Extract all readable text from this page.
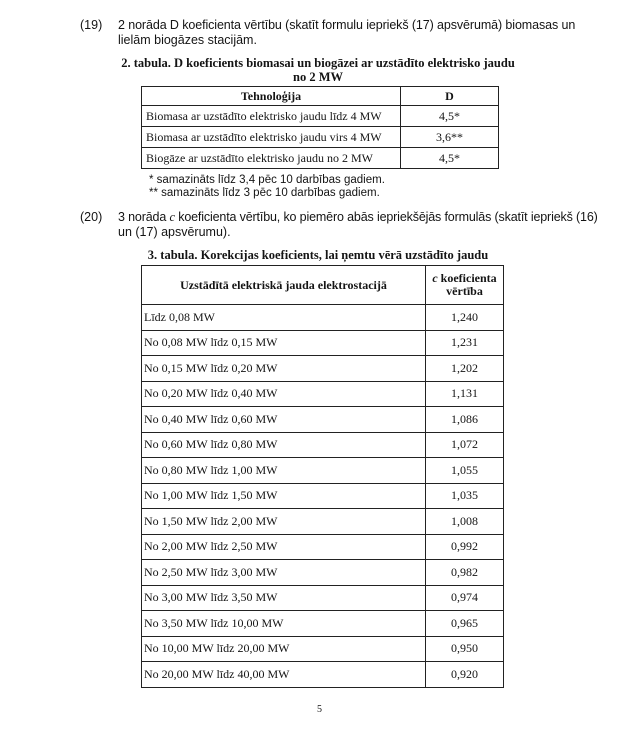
(19) 2 norāda D koeficienta vērtību (skatīt formulu iepriekš (17) apsvērumā) biomasas un
lielām biogāzes stacijām.
2. tabula. D koeficients biomasai un biogāzei ar uzstādīto elektrisko jaudu
no 2 MW
Tehnoloģija	D
Biomasa ar uzstādīto elektrisko jaudu līdz 4 MW	4,5*
Biomasa ar uzstādīto elektrisko jaudu virs 4 MW	3,6**
Biogāze ar uzstādīto elektrisko jaudu no 2 MW	4,5*
* samazināts līdz 3,4 pēc 10 darbības gadiem.
** samazināts līdz 3 pēc 10 darbības gadiem.
(20) 3 norāda c koeficienta vērtību, ko piemēro abās iepriekšējās formulās (skatīt iepriekš (16)
un (17) apsvērumu).
3. tabula. Korekcijas koeficients, lai ņemtu vērā uzstādīto jaudu
Uzstādītā elektriskā jauda elektrostacijā	c koeficienta
vērtība

Līdz 0,08 MW	1,240
No 0,08 MW līdz 0,15 MW	1,231
No 0,15 MW līdz 0,20 MW	1,202
No 0,20 MW līdz 0,40 MW	1,131
No 0,40 MW līdz 0,60 MW	1,086
No 0,60 MW līdz 0,80 MW	1,072
No 0,80 MW līdz 1,00 MW	1,055
No 1,00 MW līdz 1,50 MW	1,035
No 1,50 MW līdz 2,00 MW	1,008
No 2,00 MW līdz 2,50 MW	0,992
No 2,50 MW līdz 3,00 MW	0,982
No 3,00 MW līdz 3,50 MW	0,974
No 3,50 MW līdz 10,00 MW	0,965
No 10,00 MW līdz 20,00 MW	0,950
No 20,00 MW līdz 40,00 MW	0,920
5
